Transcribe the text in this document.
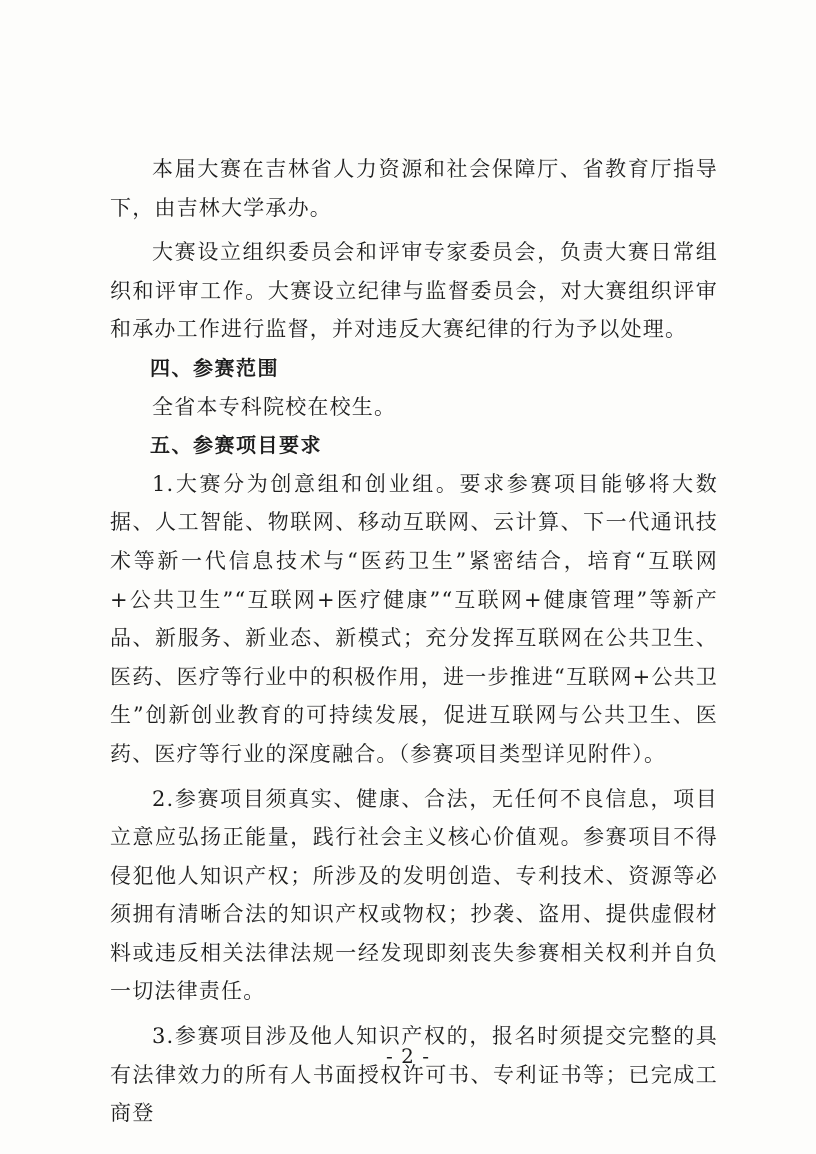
本届大赛在吉林省人力资源和社会保障厅、省教育厅指导下，由吉林大学承办。

大赛设立组织委员会和评审专家委员会，负责大赛日常组织和评审工作。大赛设立纪律与监督委员会，对大赛组织评审和承办工作进行监督，并对违反大赛纪律的行为予以处理。

四、参赛范围

全省本专科院校在校生。

五、参赛项目要求

1.大赛分为创意组和创业组。要求参赛项目能够将大数据、人工智能、物联网、移动互联网、云计算、下一代通讯技术等新一代信息技术与“医药卫生”紧密结合，培育“互联网+公共卫生”“互联网+医疗健康”“互联网+健康管理”等新产品、新服务、新业态、新模式；充分发挥互联网在公共卫生、医药、医疗等行业中的积极作用，进一步推进“互联网+公共卫生”创新创业教育的可持续发展，促进互联网与公共卫生、医药、医疗等行业的深度融合。（参赛项目类型详见附件）。

2.参赛项目须真实、健康、合法，无任何不良信息，项目立意应弘扬正能量，践行社会主义核心价值观。参赛项目不得侵犯他人知识产权；所涉及的发明创造、专利技术、资源等必须拥有清晰合法的知识产权或物权；抄袭、盗用、提供虚假材料或违反相关法律法规一经发现即刻丧失参赛相关权利并自负一切法律责任。

3.参赛项目涉及他人知识产权的，报名时须提交完整的具有法律效力的所有人书面授权许可书、专利证书等；已完成工商登

- 2 -
